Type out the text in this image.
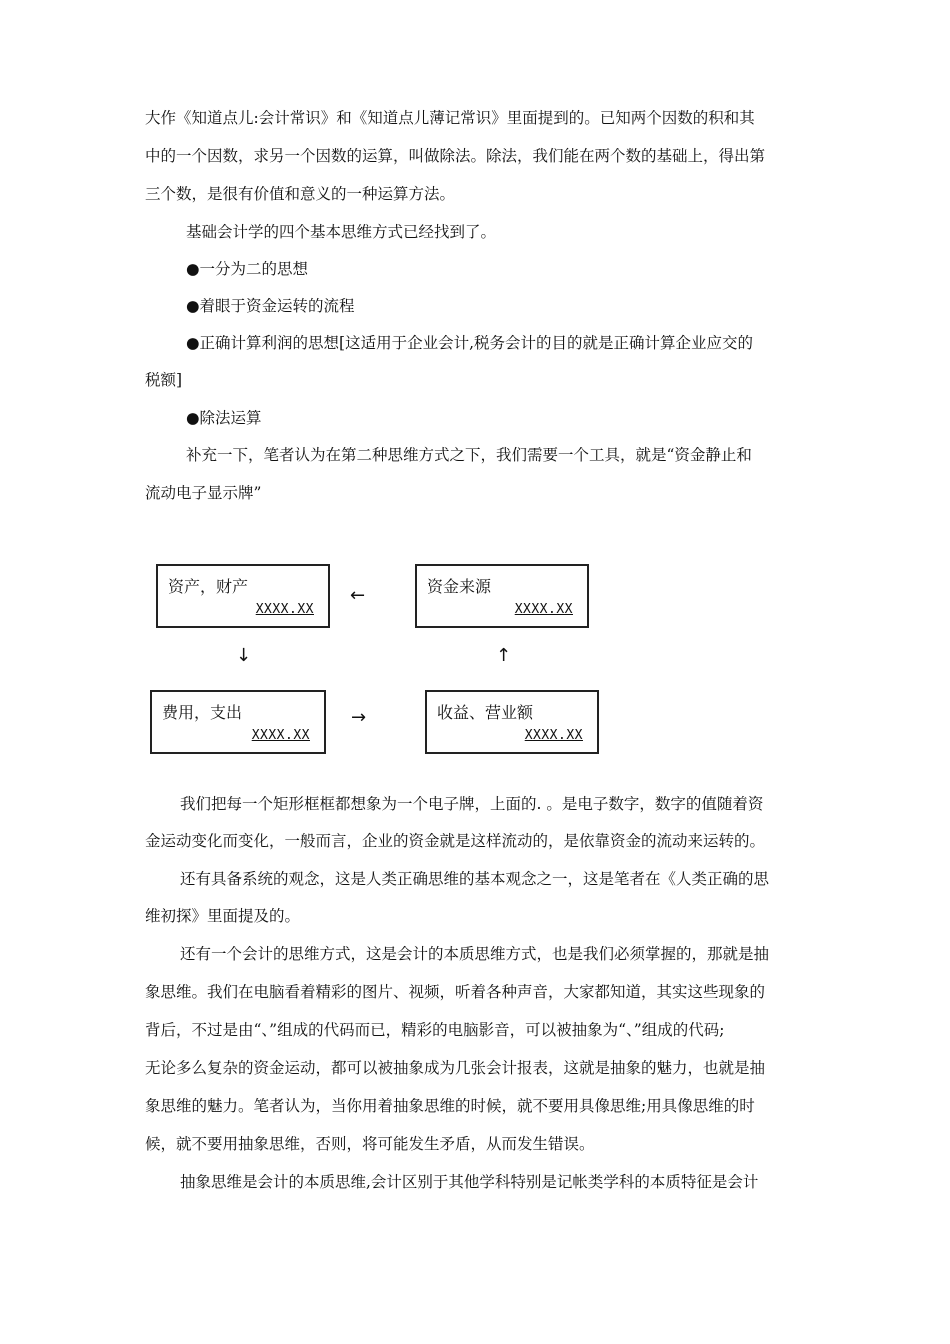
大作《知道点儿:会计常识》和《知道点儿薄记常识》里面提到的。已知两个因数的积和其
中的一个因数，求另一个因数的运算，叫做除法。除法，我们能在两个数的基础上，得出第
三个数，是很有价值和意义的一种运算方法。
基础会计学的四个基本思维方式已经找到了。
●一分为二的思想
●着眼于资金运转的流程
●正确计算利润的思想[这适用于企业会计,税务会计的目的就是正确计算企业应交的
税额]
●除法运算
补充一下，笔者认为在第二种思维方式之下，我们需要一个工具，就是“资金静止和
流动电子显示牌”
资产，财产
XXXX.XX
资金来源
XXXX.XX
费用，支出
XXXX.XX
收益、营业额
XXXX.XX
←
↓	↑
→
我们把每一个矩形框框都想象为一个电子牌，上面的. 。是电子数字，数字的值随着资
金运动变化而变化，一般而言，企业的资金就是这样流动的，是依靠资金的流动来运转的。
还有具备系统的观念，这是人类正确思维的基本观念之一，这是笔者在《人类正确的思
维初探》里面提及的。
还有一个会计的思维方式，这是会计的本质思维方式，也是我们必须掌握的，那就是抽
象思维。我们在电脑看着精彩的图片、视频，听着各种声音，大家都知道，其实这些现象的
背后，不过是由“、”组成的代码而已，精彩的电脑影音，可以被抽象为“、”组成的代码;
无论多么复杂的资金运动，都可以被抽象成为几张会计报表，这就是抽象的魅力，也就是抽
象思维的魅力。笔者认为，当你用着抽象思维的时候，就不要用具像思维;用具像思维的时
候，就不要用抽象思维，否则，将可能发生矛盾，从而发生错误。
抽象思维是会计的本质思维,会计区别于其他学科特别是记帐类学科的本质特征是会计
